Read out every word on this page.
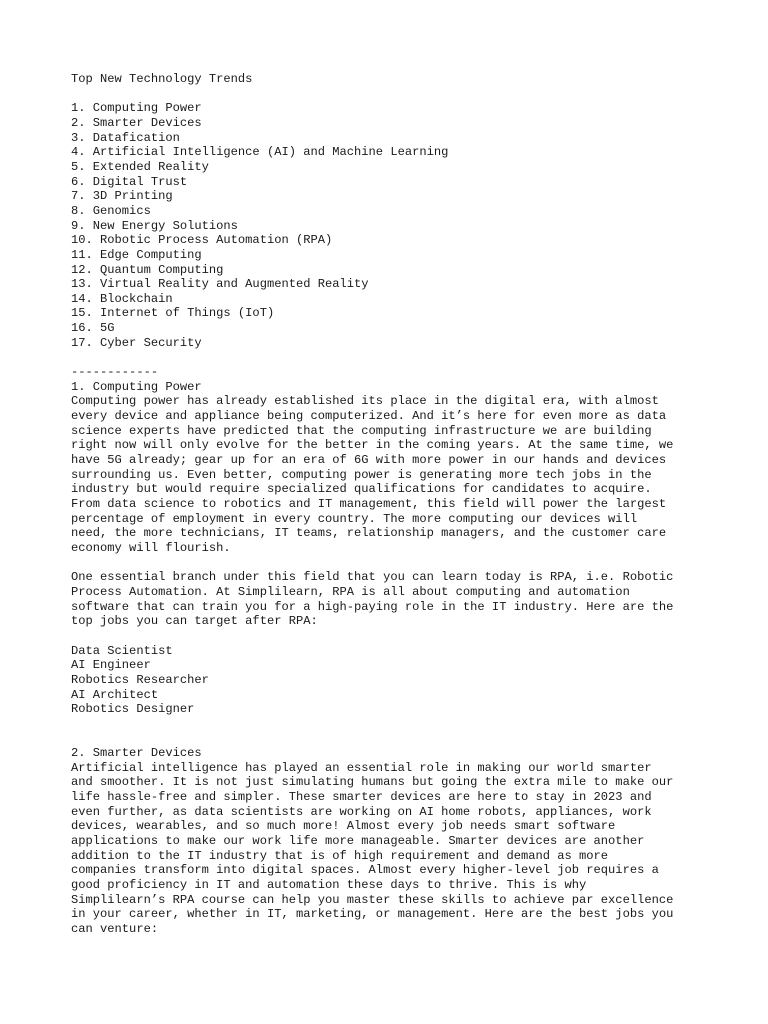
Top New Technology Trends
1. Computing Power
2. Smarter Devices
3. Datafication
4. Artificial Intelligence (AI) and Machine Learning
5. Extended Reality
6. Digital Trust
7. 3D Printing
8. Genomics
9. New Energy Solutions
10. Robotic Process Automation (RPA)
11. Edge Computing
12. Quantum Computing
13. Virtual Reality and Augmented Reality
14. Blockchain
15. Internet of Things (IoT)
16. 5G
17. Cyber Security
------------
1. Computing Power
Computing power has already established its place in the digital era, with almost
every device and appliance being computerized. And it’s here for even more as data
science experts have predicted that the computing infrastructure we are building
right now will only evolve for the better in the coming years. At the same time, we
have 5G already; gear up for an era of 6G with more power in our hands and devices
surrounding us. Even better, computing power is generating more tech jobs in the
industry but would require specialized qualifications for candidates to acquire.
From data science to robotics and IT management, this field will power the largest
percentage of employment in every country. The more computing our devices will
need, the more technicians, IT teams, relationship managers, and the customer care
economy will flourish.
One essential branch under this field that you can learn today is RPA, i.e. Robotic
Process Automation. At Simplilearn, RPA is all about computing and automation
software that can train you for a high-paying role in the IT industry. Here are the
top jobs you can target after RPA:
Data Scientist
AI Engineer
Robotics Researcher
AI Architect
Robotics Designer
2. Smarter Devices
Artificial intelligence has played an essential role in making our world smarter
and smoother. It is not just simulating humans but going the extra mile to make our
life hassle-free and simpler. These smarter devices are here to stay in 2023 and
even further, as data scientists are working on AI home robots, appliances, work
devices, wearables, and so much more! Almost every job needs smart software
applications to make our work life more manageable. Smarter devices are another
addition to the IT industry that is of high requirement and demand as more
companies transform into digital spaces. Almost every higher-level job requires a
good proficiency in IT and automation these days to thrive. This is why
Simplilearn’s RPA course can help you master these skills to achieve par excellence
in your career, whether in IT, marketing, or management. Here are the best jobs you
can venture:
